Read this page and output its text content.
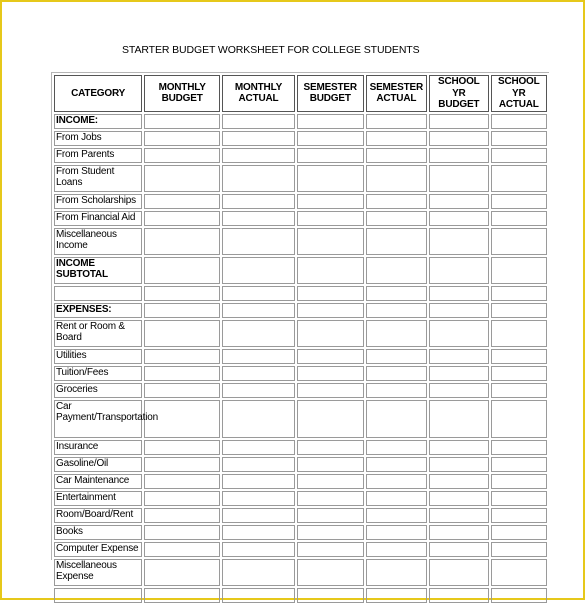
STARTER BUDGET WORKSHEET FOR COLLEGE STUDENTS
CATEGORY	MONTHLY BUDGET	MONTHLY ACTUAL	SEMESTER BUDGET	SEMESTER ACTUAL	SCHOOL YR BUDGET	SCHOOL YR ACTUAL
INCOME:						
From Jobs						
From Parents						
From Student Loans						
From Scholarships						
From Financial Aid						
Miscellaneous Income						
INCOME SUBTOTAL						

EXPENSES:						
Rent or Room & Board						
Utilities						
Tuition/Fees						
Groceries						
Car Payment/Transportation						
Insurance						
Gasoline/Oil						
Car Maintenance						
Entertainment						
Room/Board/Rent						
Books						
Computer Expense						
Miscellaneous Expense						
